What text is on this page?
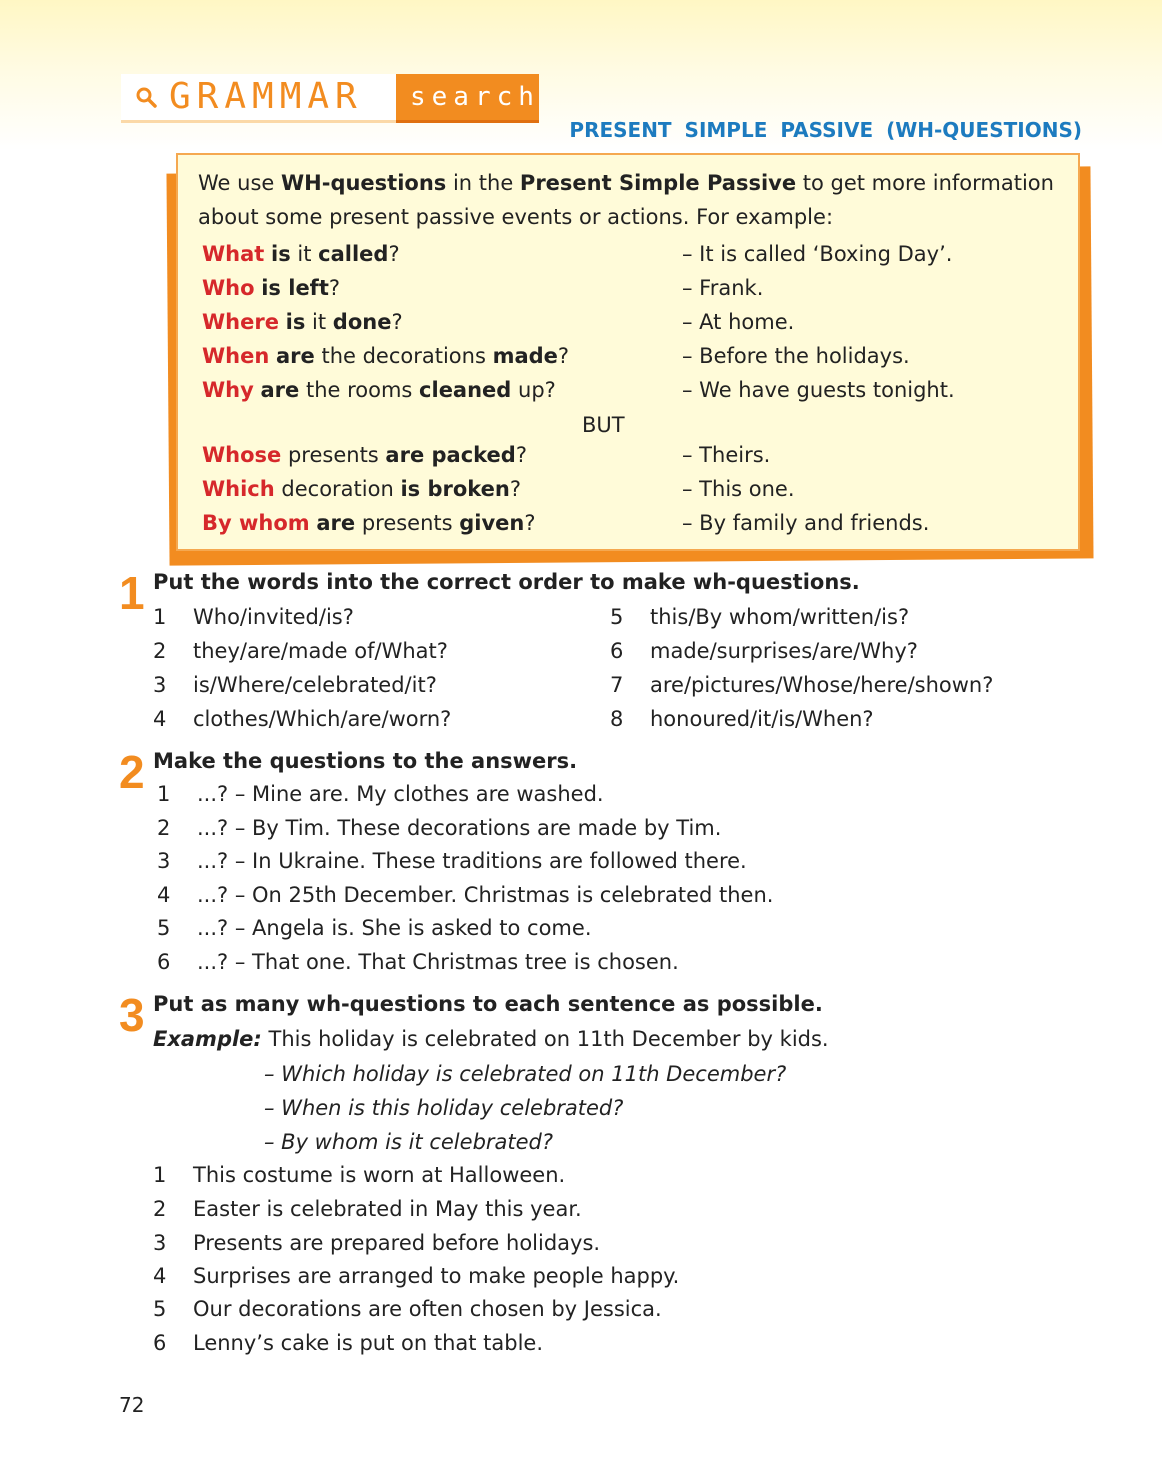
GRAMMAR search
PRESENT SIMPLE PASSIVE (WH-QUESTIONS)
We use WH-questions in the Present Simple Passive to get more information
about some present passive events or actions. For example:
What is it called?	– It is called ‘Boxing Day’.
Who is left?	– Frank.
Where is it done?	– At home.
When are the decorations made?	– Before the holidays.
Why are the rooms cleaned up?	– We have guests tonight.
BUT
Whose presents are packed?	– Theirs.
Which decoration is broken?	– This one.
By whom are presents given?	– By family and friends.
1 Put the words into the correct order to make wh-questions.
1 Who/invited/is?
2 they/are/made of/What?
3 is/Where/celebrated/it?
4 clothes/Which/are/worn?
5 this/By whom/written/is?
6 made/surprises/are/Why?
7 are/pictures/Whose/here/shown?
8 honoured/it/is/When?
2 Make the questions to the answers.
1 ...? – Mine are. My clothes are washed.
2 ...? – By Tim. These decorations are made by Tim.
3 ...? – In Ukraine. These traditions are followed there.
4 ...? – On 25th December. Christmas is celebrated then.
5 ...? – Angela is. She is asked to come.
6 ...? – That one. That Christmas tree is chosen.
3 Put as many wh-questions to each sentence as possible.
Example: This holiday is celebrated on 11th December by kids.
– Which holiday is celebrated on 11th December?
– When is this holiday celebrated?
– By whom is it celebrated?
1 This costume is worn at Halloween.
2 Easter is celebrated in May this year.
3 Presents are prepared before holidays.
4 Surprises are arranged to make people happy.
5 Our decorations are often chosen by Jessica.
6 Lenny’s cake is put on that table.
72
